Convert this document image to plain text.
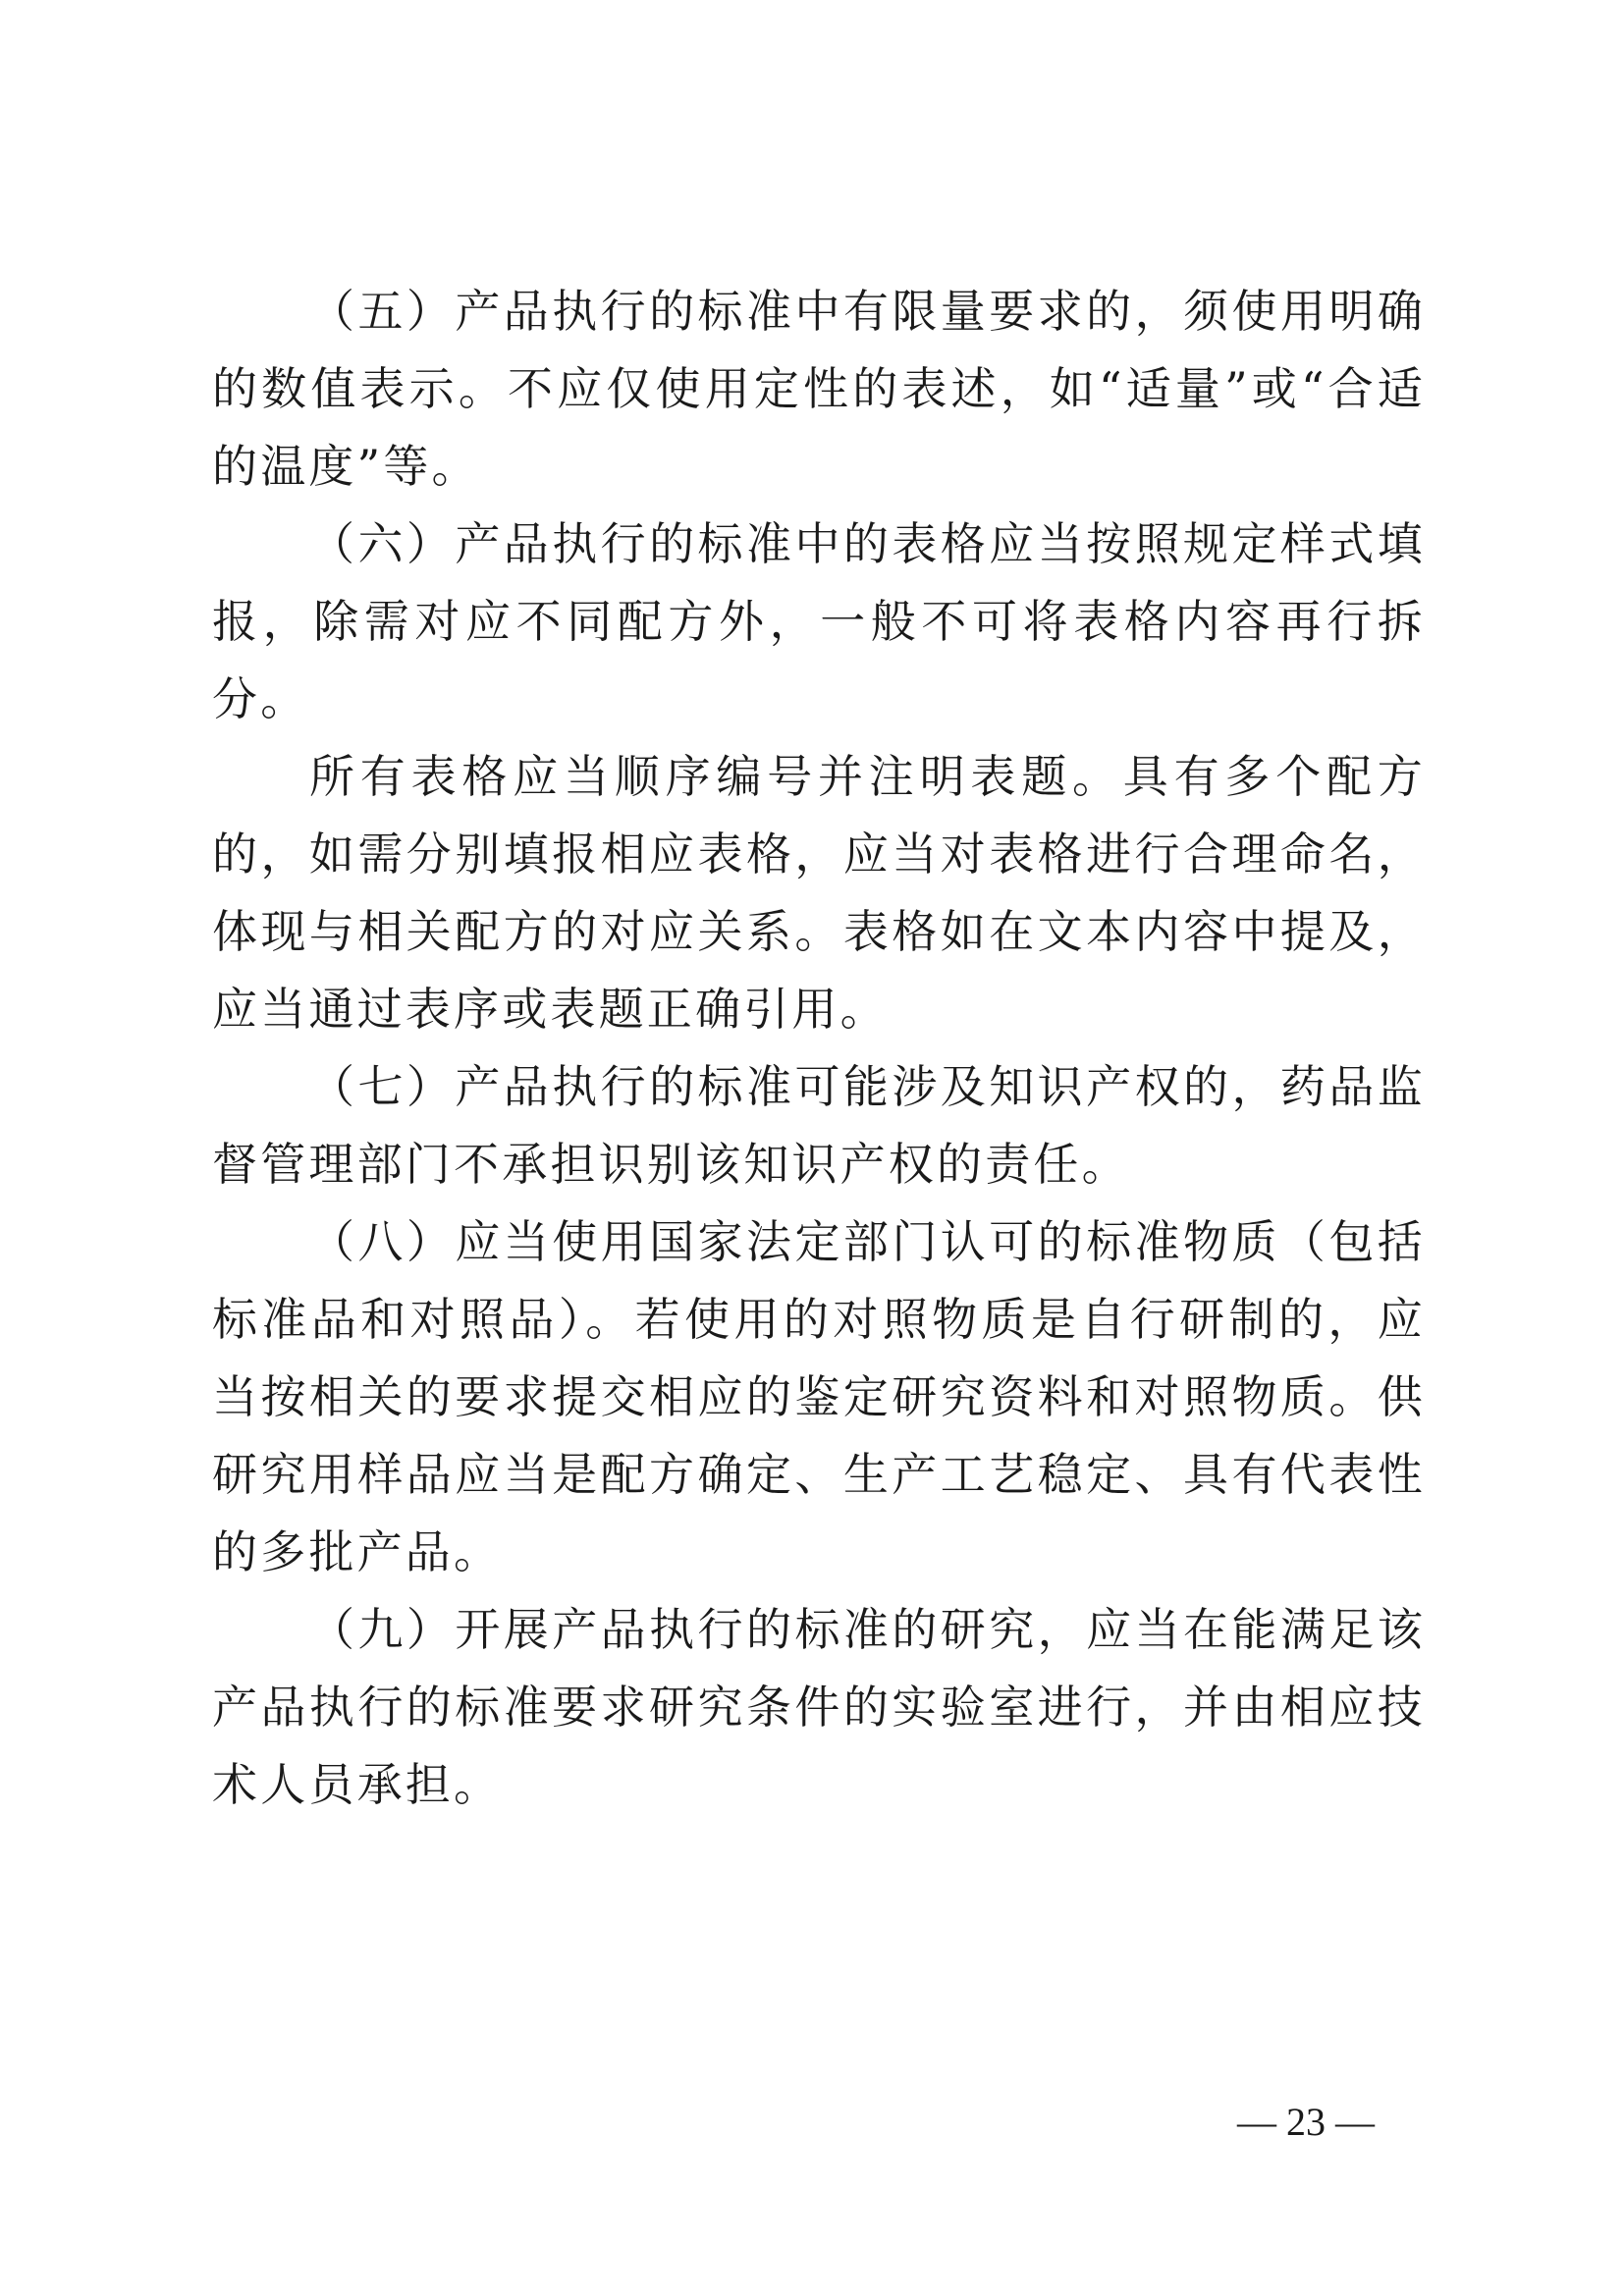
（五）产品执行的标准中有限量要求的，须使用明确的数值表示。不应仅使用定性的表述，如“适量”或“合适的温度”等。

（六）产品执行的标准中的表格应当按照规定样式填报，除需对应不同配方外，一般不可将表格内容再行拆分。

所有表格应当顺序编号并注明表题。具有多个配方的，如需分别填报相应表格，应当对表格进行合理命名，体现与相关配方的对应关系。表格如在文本内容中提及，应当通过表序或表题正确引用。

（七）产品执行的标准可能涉及知识产权的，药品监督管理部门不承担识别该知识产权的责任。

（八）应当使用国家法定部门认可的标准物质（包括标准品和对照品）。若使用的对照物质是自行研制的，应当按相关的要求提交相应的鉴定研究资料和对照物质。供研究用样品应当是配方确定、生产工艺稳定、具有代表性的多批产品。

（九）开展产品执行的标准的研究，应当在能满足该产品执行的标准要求研究条件的实验室进行，并由相应技术人员承担。

— 23 —
